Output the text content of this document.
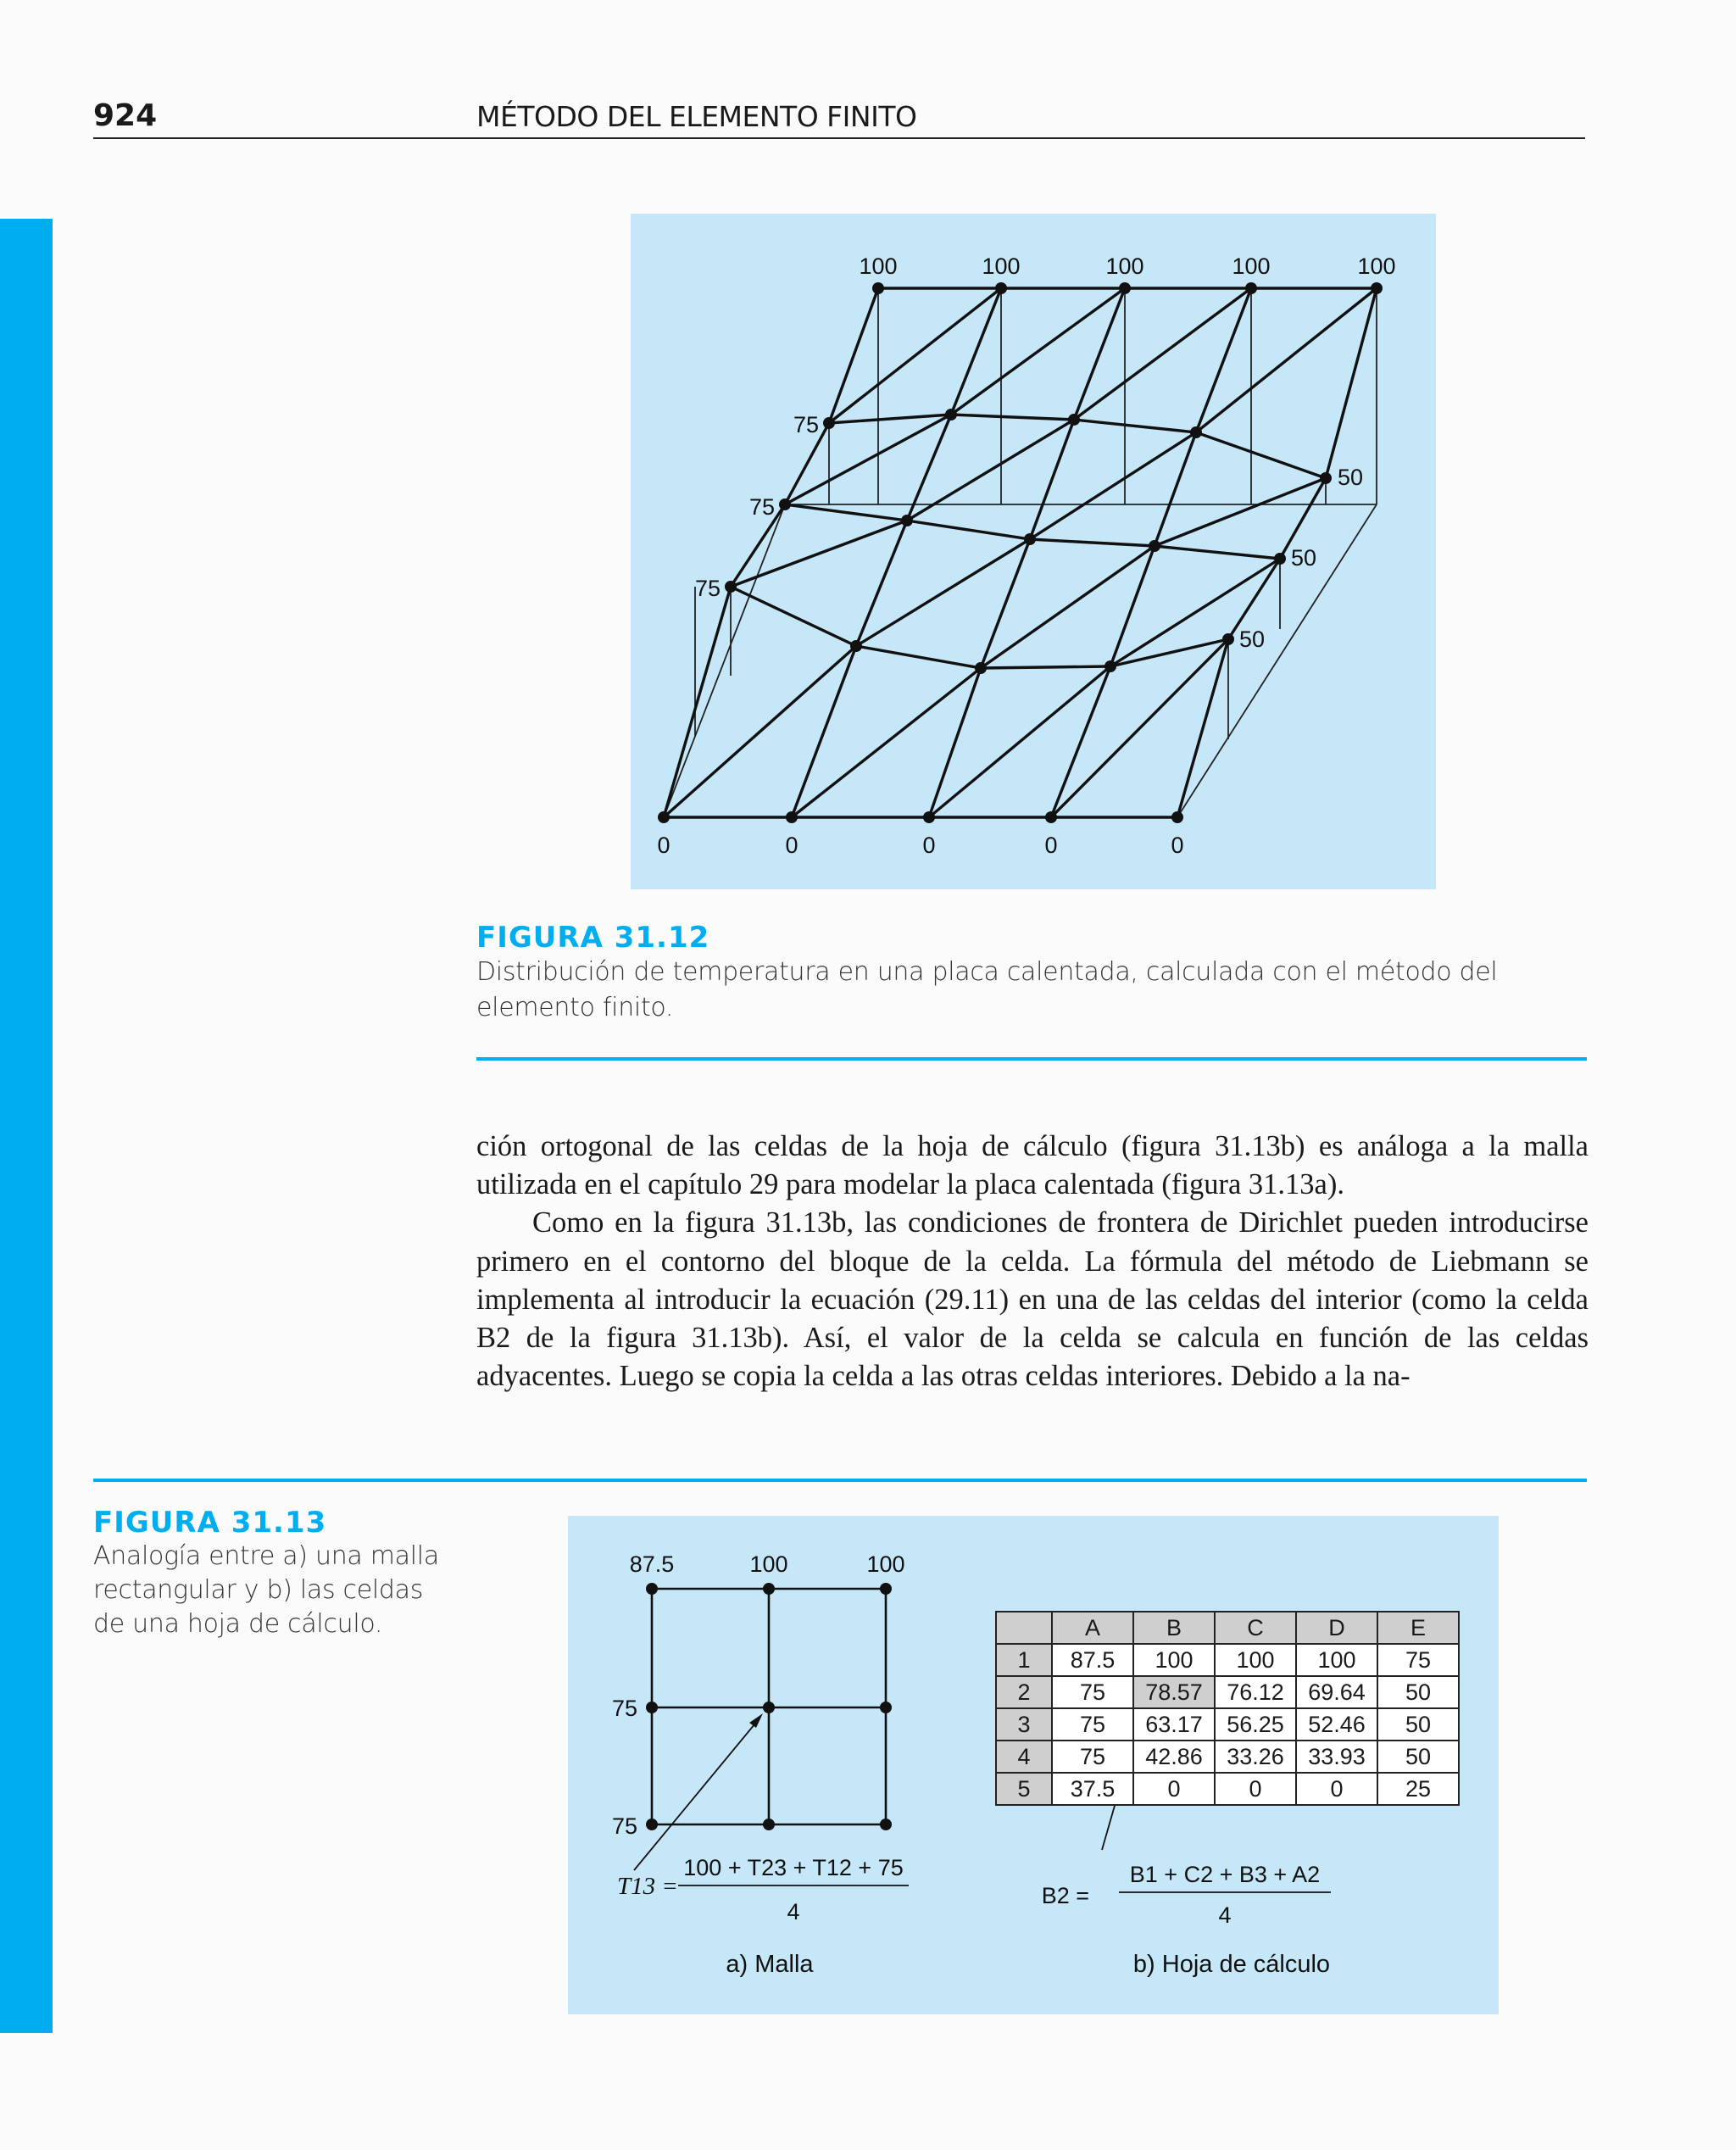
924	MÉTODO DEL ELEMENTO FINITO
100	100	100	100	100
75
75
75
50
50
50
0	0	0	0	0
FIGURA 31.12
Distribución de temperatura en una placa calentada, calculada con el método del elemento finito.

ción ortogonal de las celdas de la hoja de cálculo (figura 31.13b) es análoga a la malla utilizada en el capítulo 29 para modelar la placa calentada (figura 31.13a).

Como en la figura 31.13b, las condiciones de frontera de Dirichlet pueden introducirse primero en el contorno del bloque de la celda. La fórmula del método de Liebmann se implementa al introducir la ecuación (29.11) en una de las celdas del interior (como la celda B2 de la figura 31.13b). Así, el valor de la celda se calcula en función de las celdas adyacentes. Luego se copia la celda a las otras celdas interiores. Debido a la na-

FIGURA 31.13
Analogía entre a) una malla rectangular y b) las celdas de una hoja de cálculo.
87.5	100	100
75
75
T13 =
100 + T23 + T12 + 75
4
a) Malla
B2 =
B1 + C2 + B3 + A2
4
b) Hoja de cálculo
	A	B	C	D	E
1	87.5	100	100	100	75
2	75	78.57	76.12	69.64	50
3	75	63.17	56.25	52.46	50
4	75	42.86	33.26	33.93	50
5	37.5	0	0	0	25
